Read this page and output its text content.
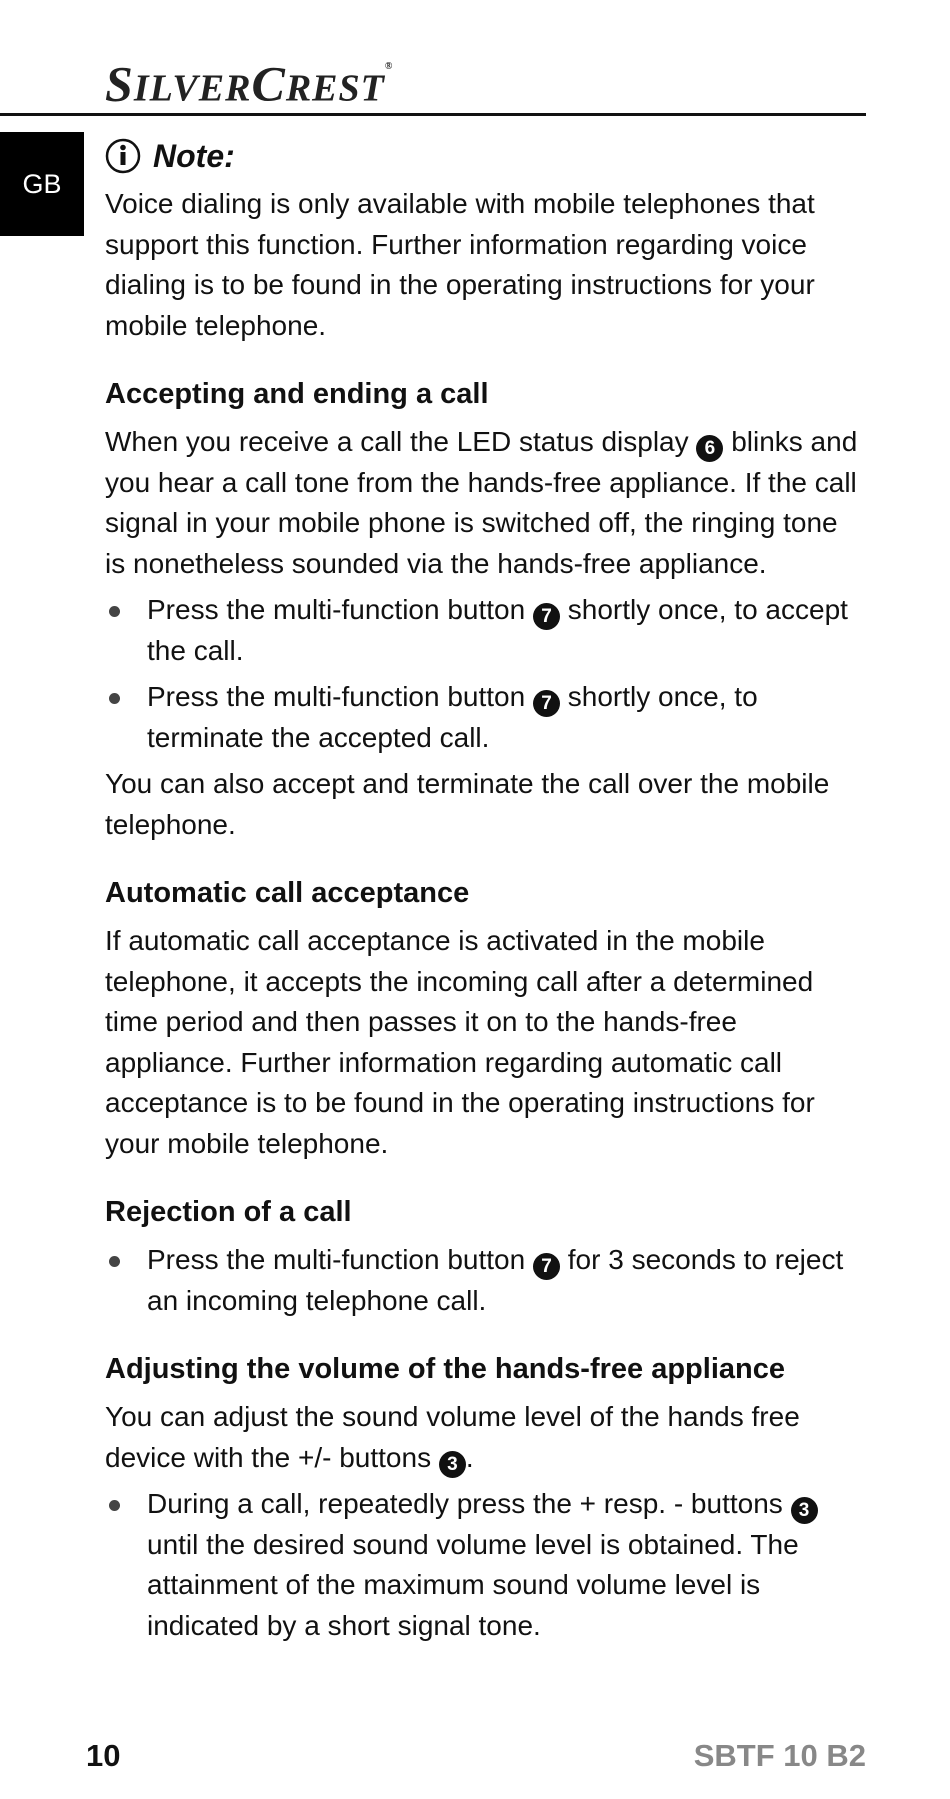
SILVERCREST®
GB
Note:

Voice dialing is only available with mobile telephones that support this function. Further information regarding voice dialing is to be found in the operating instructions for your mobile telephone.

Accepting and ending a call

When you receive a call the LED status display 6 blinks and you hear a call tone from the hands-free appliance. If the call signal in your mobile phone is switched off, the ringing tone is nonetheless sounded via the hands-free appliance.

Press the multi-function button 7 shortly once, to accept the call.
Press the multi-function button 7 shortly once, to terminate the accepted call.

You can also accept and terminate the call over the mobile telephone.

Automatic call acceptance

If automatic call acceptance is activated in the mobile telephone, it accepts the incoming call after a determined time period and then passes it on to the hands-free appliance. Further information regarding automatic call acceptance is to be found in the operating instructions for your mobile telephone.

Rejection of a call
Press the multi-function button 7 for 3 seconds to reject an incoming telephone call.
Adjusting the volume of the hands-free appliance

You can adjust the sound volume level of the hands free device with the +/- buttons 3 .

During a call, repeatedly press the + resp. - buttons 3 until the desired sound volume level is obtained. The attainment of the maximum sound volume level is indicated by a short signal tone.
10	SBTF 10 B2
